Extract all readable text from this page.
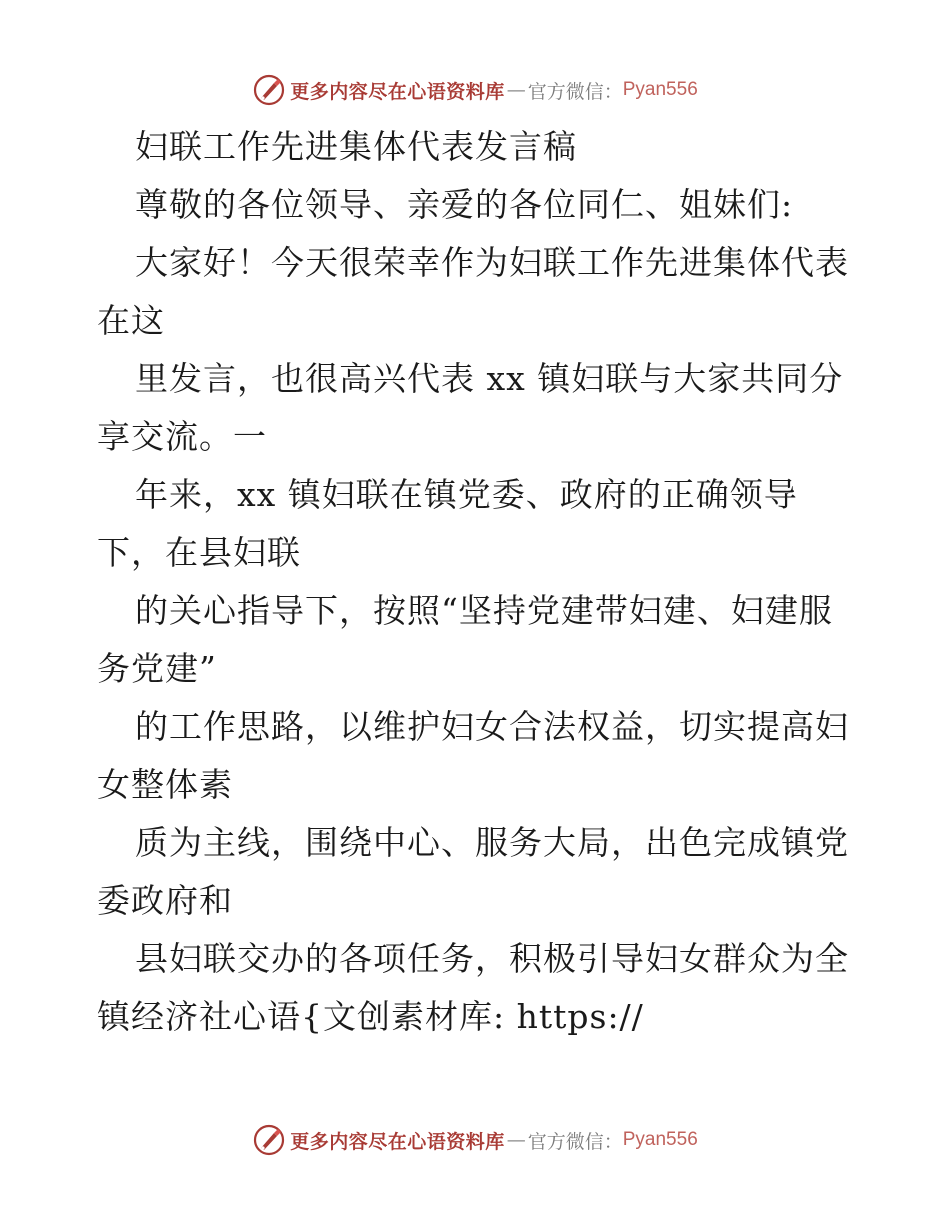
更多内容尽在心语资料库 — 官方微信： Pyan556
妇联工作先进集体代表发言稿
尊敬的各位领导、亲爱的各位同仁、姐妹们:
大家好！今天很荣幸作为妇联工作先进集体代表
在这
里发言，也很高兴代表 xx 镇妇联与大家共同分
享交流。一
年来，xx 镇妇联在镇党委、政府的正确领导
下，在县妇联
的关心指导下，按照“坚持党建带妇建、妇建服
务党建”
的工作思路，以维护妇女合法权益，切实提高妇
女整体素
质为主线，围绕中心、服务大局，出色完成镇党
委政府和
县妇联交办的各项任务，积极引导妇女群众为全
镇经济社心语{文创素材库: https://
更多内容尽在心语资料库 — 官方微信： Pyan556
